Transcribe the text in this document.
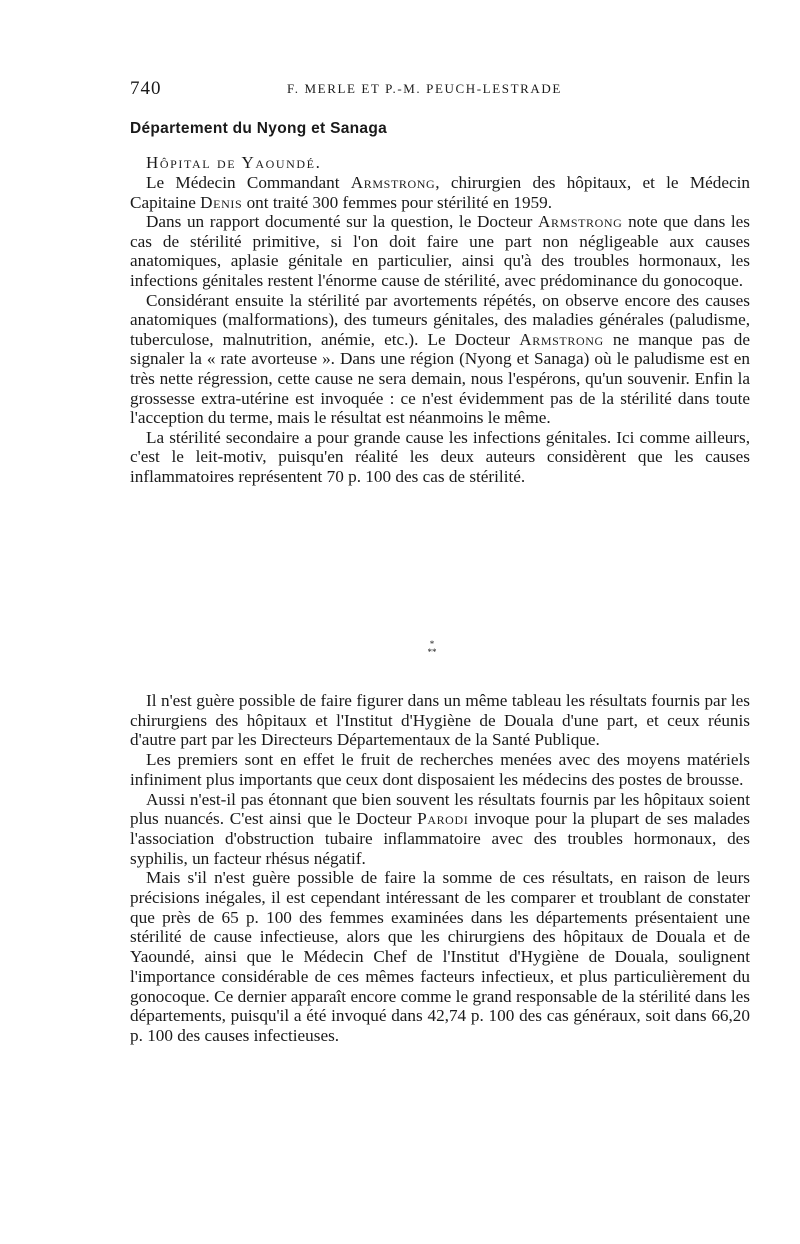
740	F. MERLE ET P.-M. PEUCH-LESTRADE
Département du Nyong et Sanaga
Hôpital de Yaoundé.

Le Médecin Commandant Armstrong, chirurgien des hôpitaux, et le Médecin Capitaine Denis ont traité 300 femmes pour stérilité en 1959.

Dans un rapport documenté sur la question, le Docteur Armstrong note que dans les cas de stérilité primitive, si l'on doit faire une part non négligeable aux causes anatomiques, aplasie génitale en particulier, ainsi qu'à des troubles hormonaux, les infections génitales restent l'énorme cause de stérilité, avec prédominance du gonocoque.

Considérant ensuite la stérilité par avortements répétés, on observe encore des causes anatomiques (malformations), des tumeurs génitales, des maladies générales (paludisme, tuberculose, malnutrition, anémie, etc.). Le Docteur Armstrong ne manque pas de signaler la « rate avorteuse ». Dans une région (Nyong et Sanaga) où le paludisme est en très nette régression, cette cause ne sera demain, nous l'espérons, qu'un souvenir. Enfin la grossesse extra-utérine est invoquée : ce n'est évidemment pas de la stérilité dans toute l'acception du terme, mais le résultat est néanmoins le même.

La stérilité secondaire a pour grande cause les infections génitales. Ici comme ailleurs, c'est le leit-motiv, puisqu'en réalité les deux auteurs considèrent que les causes inflammatoires représentent 70 p. 100 des cas de stérilité.

*
**

Il n'est guère possible de faire figurer dans un même tableau les résultats fournis par les chirurgiens des hôpitaux et l'Institut d'Hygiène de Douala d'une part, et ceux réunis d'autre part par les Directeurs Départementaux de la Santé Publique.

Les premiers sont en effet le fruit de recherches menées avec des moyens matériels infiniment plus importants que ceux dont disposaient les médecins des postes de brousse.

Aussi n'est-il pas étonnant que bien souvent les résultats fournis par les hôpitaux soient plus nuancés. C'est ainsi que le Docteur Parodi invoque pour la plupart de ses malades l'association d'obstruction tubaire inflammatoire avec des troubles hormonaux, des syphilis, un facteur rhésus négatif.

Mais s'il n'est guère possible de faire la somme de ces résultats, en raison de leurs précisions inégales, il est cependant intéressant de les comparer et troublant de constater que près de 65 p. 100 des femmes examinées dans les départements présentaient une stérilité de cause infectieuse, alors que les chirurgiens des hôpitaux de Douala et de Yaoundé, ainsi que le Médecin Chef de l'Institut d'Hygiène de Douala, soulignent l'importance considérable de ces mêmes facteurs infectieux, et plus particulièrement du gonocoque. Ce dernier apparaît encore comme le grand responsable de la stérilité dans les départements, puisqu'il a été invoqué dans 42,74 p. 100 des cas généraux, soit dans 66,20 p. 100 des causes infectieuses.
